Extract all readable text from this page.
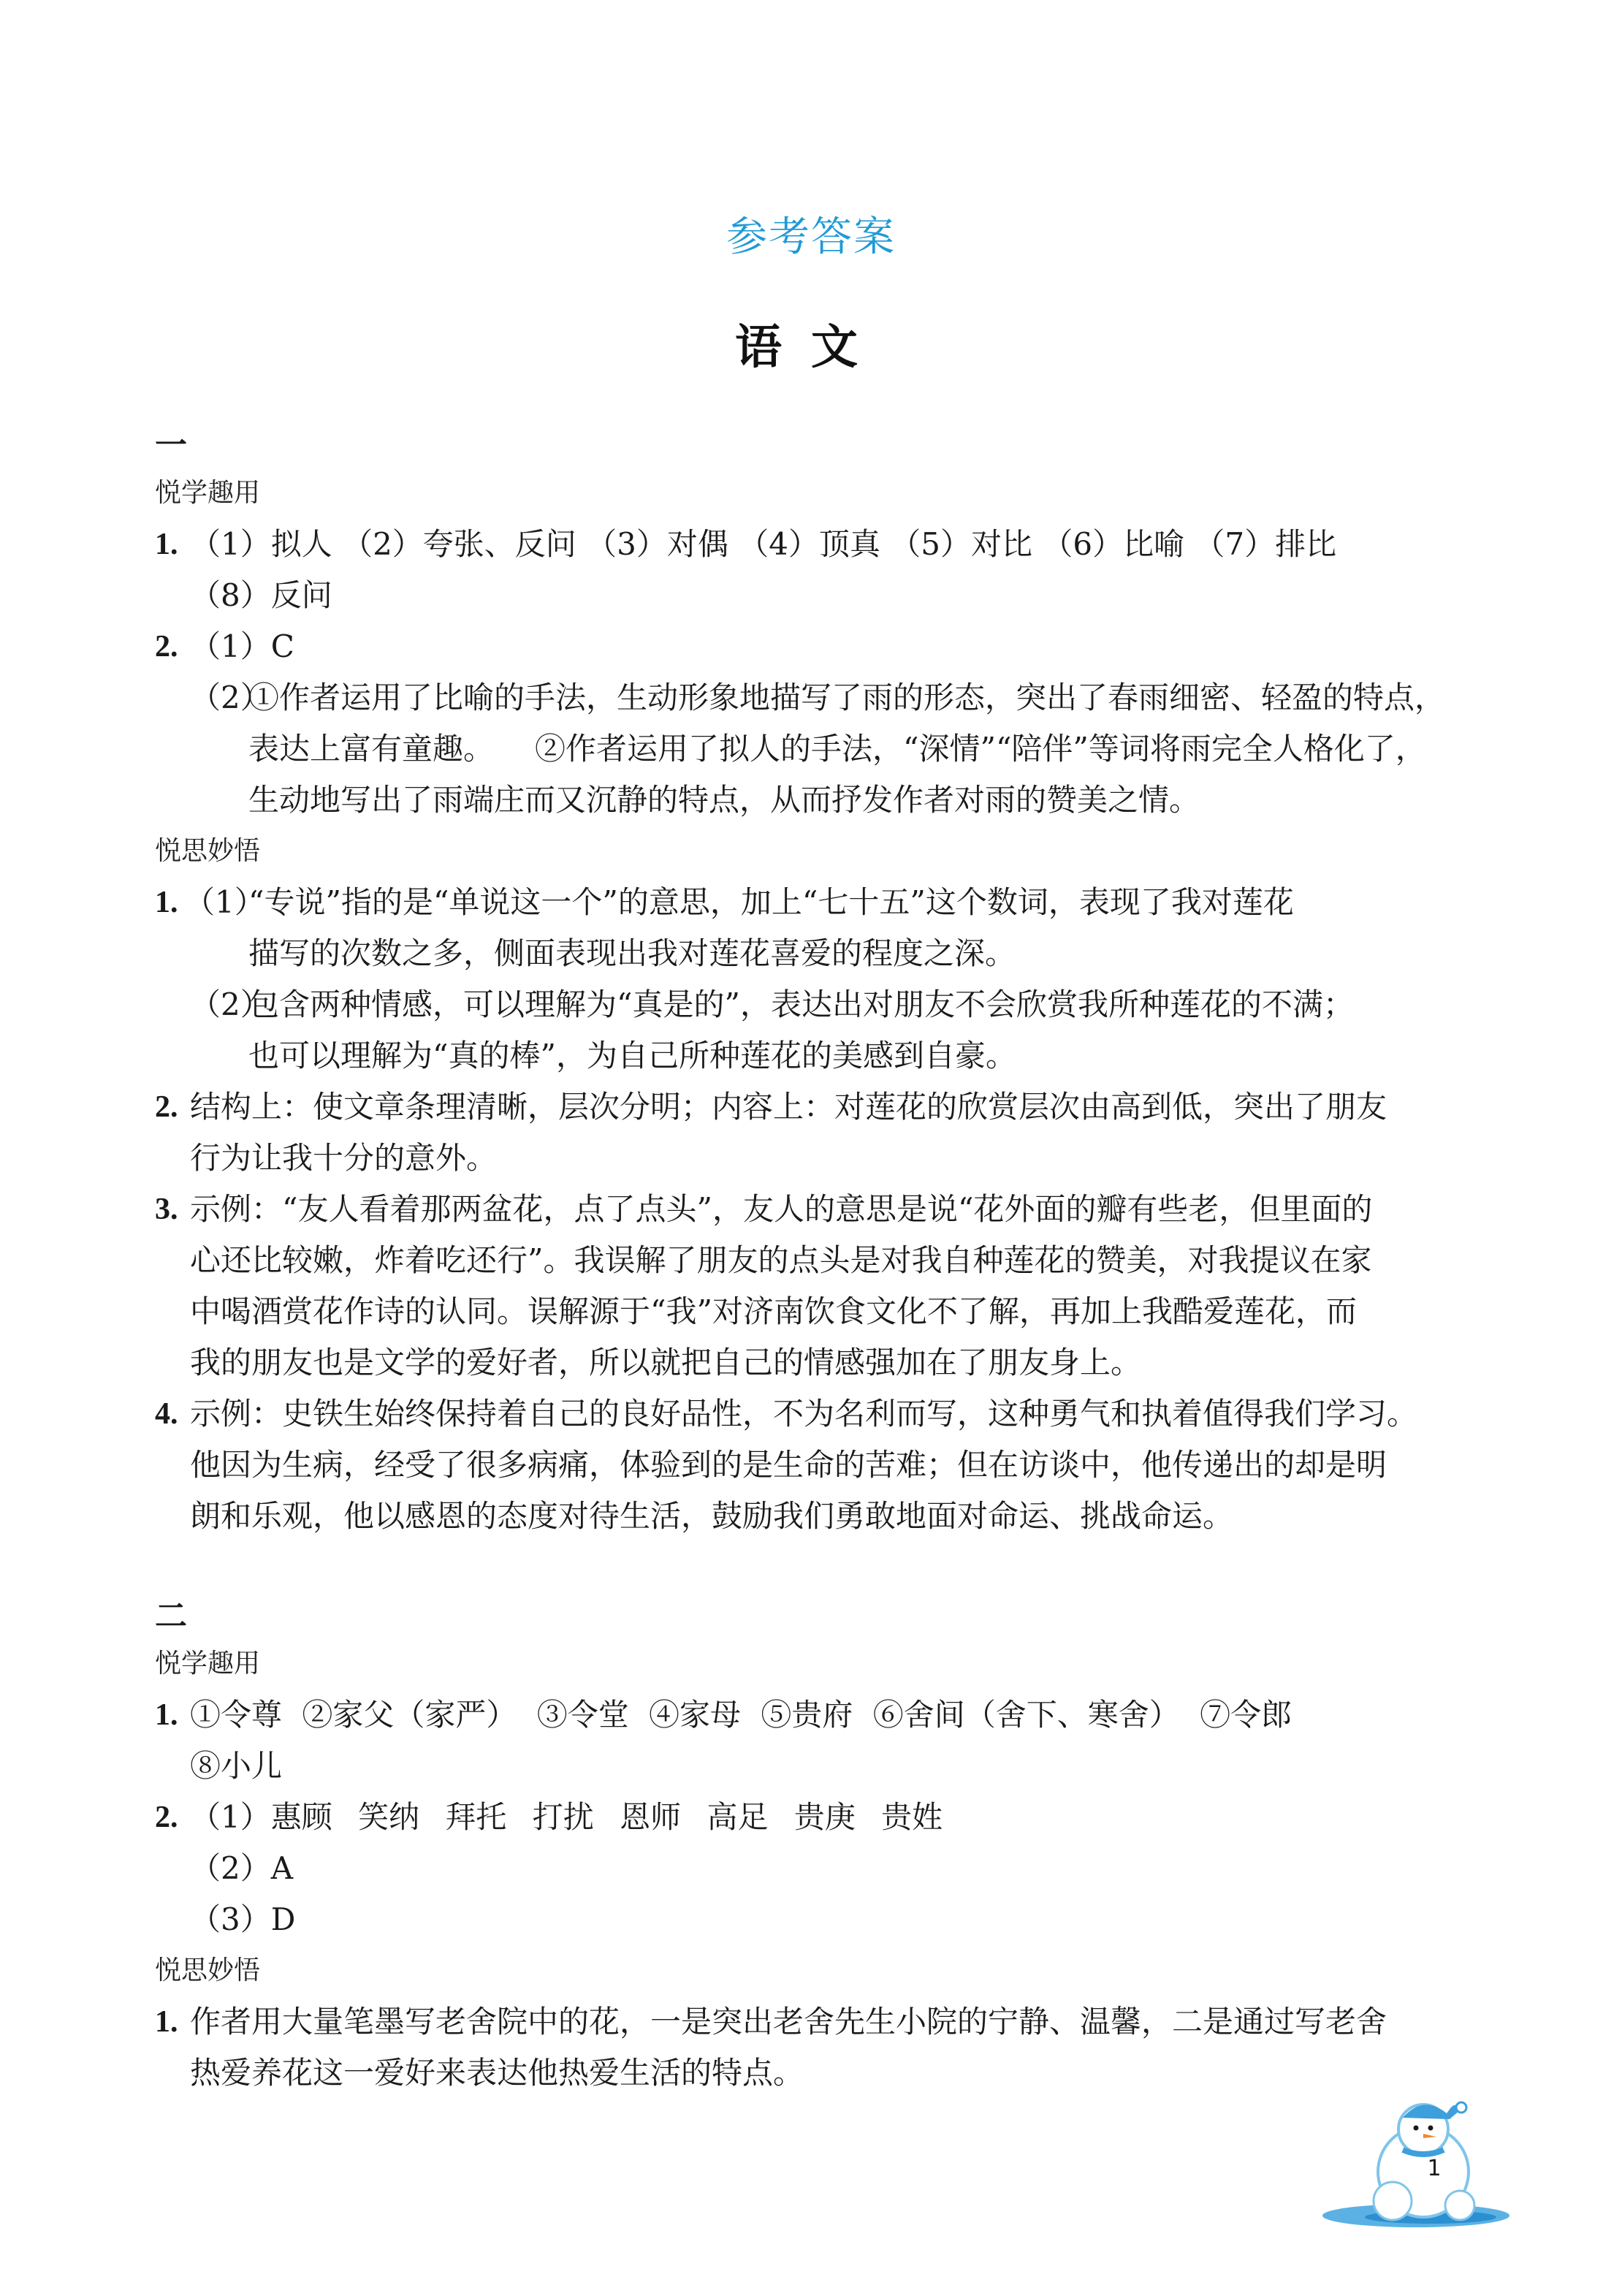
参考答案
语文
一
悦学趣用
1. （1）拟人 （2）夸张、反问 （3）对偶 （4）顶真 （5）对比 （6）比喻 （7）排比
（8）反问
2. （1）C
（2）
①作者运用了比喻的手法，生动形象地描写了雨的形态，突出了春雨细密、轻盈的特点，
表达上富有童趣。 ②作者运用了拟人的手法，“深情”“陪伴”等词将雨完全人格化了，
生动地写出了雨端庄而又沉静的特点，从而抒发作者对雨的赞美之情。
悦思妙悟
1. （1）
“专说”指的是“单说这一个”的意思，加上“七十五”这个数词，表现了我对莲花
描写的次数之多，侧面表现出我对莲花喜爱的程度之深。
（2）
包含两种情感，可以理解为“真是的”，表达出对朋友不会欣赏我所种莲花的不满；
也可以理解为“真的棒”，为自己所种莲花的美感到自豪。
2. 结构上：使文章条理清晰，层次分明；内容上：对莲花的欣赏层次由高到低，突出了朋友
行为让我十分的意外。
3. 示例：“友人看着那两盆花，点了点头”，友人的意思是说“花外面的瓣有些老，但里面的
心还比较嫩，炸着吃还行”。我误解了朋友的点头是对我自种莲花的赞美，对我提议在家
中喝酒赏花作诗的认同。误解源于“我”对济南饮食文化不了解，再加上我酷爱莲花，而
我的朋友也是文学的爱好者，所以就把自己的情感强加在了朋友身上。
4. 示例：史铁生始终保持着自己的良好品性，不为名利而写，这种勇气和执着值得我们学习。
他因为生病，经受了很多病痛，体验到的是生命的苦难；但在访谈中，他传递出的却是明
朗和乐观，他以感恩的态度对待生活，鼓励我们勇敢地面对命运、挑战命运。
二
悦学趣用
1. ①令尊 ②家父（家严） ③令堂 ④家母 ⑤贵府 ⑥舍间（舍下、寒舍） ⑦令郎
⑧小儿
2. （1）惠顾 笑纳 拜托 打扰 恩师 高足 贵庚 贵姓
（2）A
（3）D
悦思妙悟
1. 作者用大量笔墨写老舍院中的花，一是突出老舍先生小院的宁静、温馨，二是通过写老舍
热爱养花这一爱好来表达他热爱生活的特点。
1
